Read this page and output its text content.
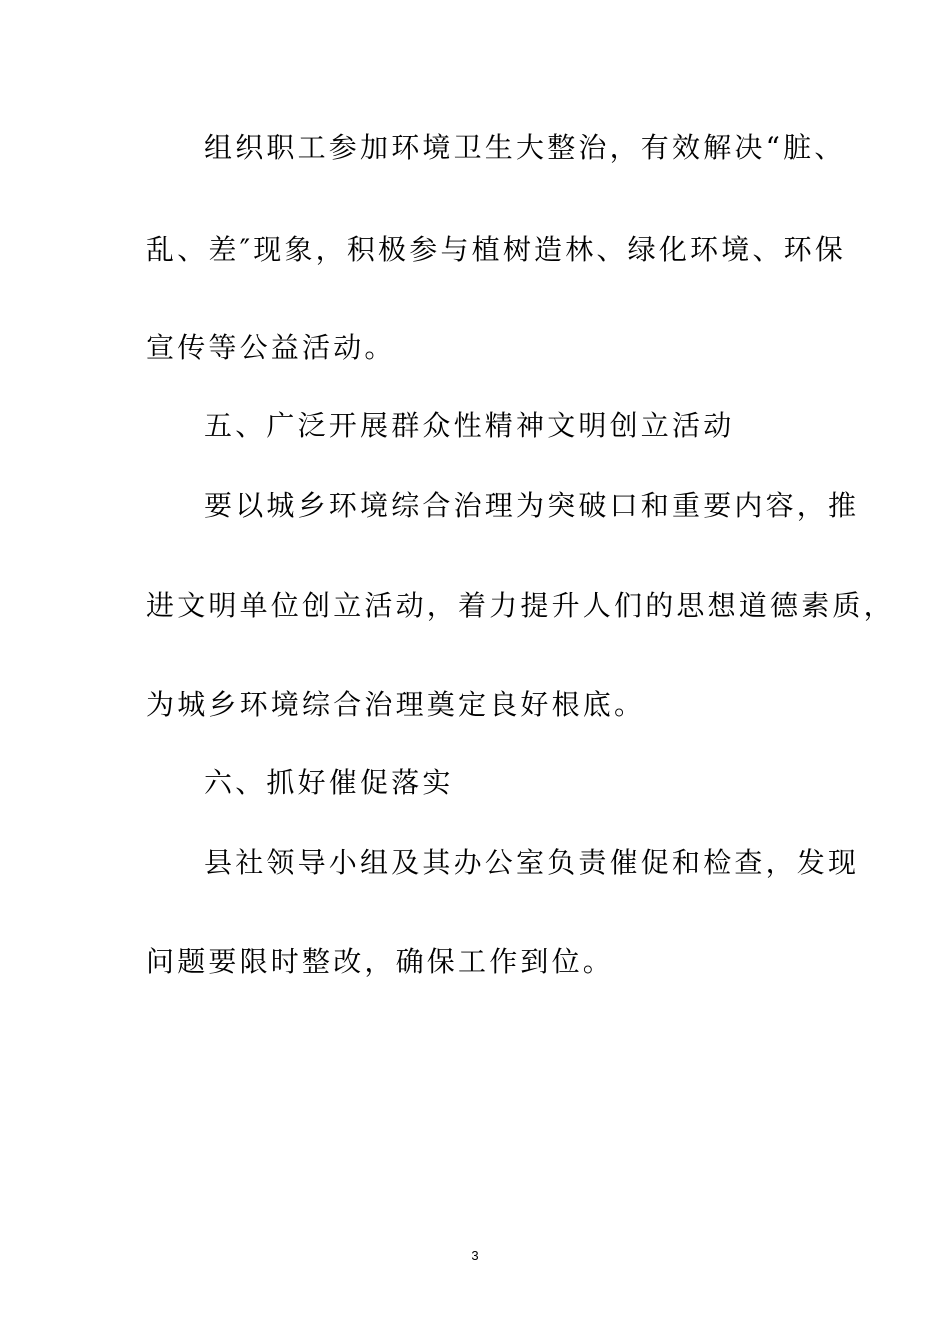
组织职工参加环境卫生大整治，有效解决“脏、
乱、差″现象，积极参与植树造林、绿化环境、环保
宣传等公益活动。
五、广泛开展群众性精神文明创立活动
要以城乡环境综合治理为突破口和重要内容，推
进文明单位创立活动，着力提升人们的思想道德素质，
为城乡环境综合治理奠定良好根底。
六、抓好催促落实
县社领导小组及其办公室负责催促和检查，发现
问题要限时整改，确保工作到位。
3
